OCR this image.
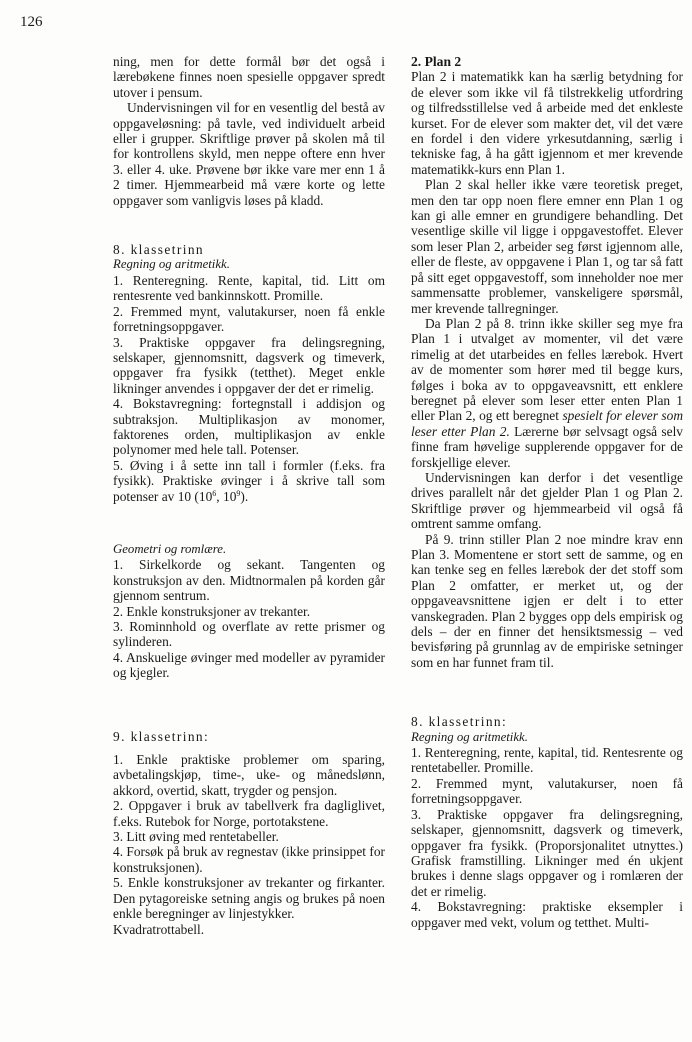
126

ning, men for dette formål bør det også i lærebøkene finnes noen spesielle oppgaver spredt utover i pensum.

Undervisningen vil for en vesentlig del bestå av oppgaveløsning: på tavle, ved individuelt arbeid eller i grupper. Skriftlige prøver på skolen må til for kontrollens skyld, men neppe oftere enn hver 3. eller 4. uke. Prøvene bør ikke vare mer enn 1 å 2 timer. Hjemmearbeid må være korte og lette oppgaver som vanligvis løses på kladd.

8. klassetrinn

Regning og aritmetikk.

1. Renteregning. Rente, kapital, tid. Litt om rentesrente ved bankinnskott. Promille.

2. Fremmed mynt, valutakurser, noen få enkle forretningsoppgaver.

3. Praktiske oppgaver fra delingsregning, selskaper, gjennomsnitt, dagsverk og timeverk, oppgaver fra fysikk (tetthet). Meget enkle likninger anvendes i oppgaver der det er rimelig.

4. Bokstavregning: fortegnstall i addisjon og subtraksjon. Multiplikasjon av monomer, faktorenes orden, multiplikasjon av enkle polynomer med hele tall. Potenser.

5. Øving i å sette inn tall i formler (f.eks. fra fysikk). Praktiske øvinger i å skrive tall som potenser av 10 ($10^6$, $10^9$).

Geometri og romlære.

1. Sirkelkorde og sekant. Tangenten og konstruksjon av den. Midtnormalen på korden går gjennom sentrum.

2. Enkle konstruksjoner av trekanter.

3. Rominnhold og overflate av rette prismer og sylinderen.

4. Anskuelige øvinger med modeller av pyramider og kjegler.

9. klassetrinn:

1. Enkle praktiske problemer om sparing, avbetalingskjøp, time-, uke- og månedslønn, akkord, overtid, skatt, trygder og pensjon.

2. Oppgaver i bruk av tabellverk fra dagliglivet, f.eks. Rutebok for Norge, portotakstene.

3. Litt øving med rentetabeller.

4. Forsøk på bruk av regnestav (ikke prinsippet for konstruksjonen).

5. Enkle konstruksjoner av trekanter og firkanter. Den pytagoreiske setning angis og brukes på noen enkle beregninger av linjestykker.

Kvadratrottabell.

2. Plan 2

Plan 2 i matematikk kan ha særlig betydning for de elever som ikke vil få tilstrekkelig utfordring og tilfredsstillelse ved å arbeide med det enkleste kurset. For de elever som makter det, vil det være en fordel i den videre yrkesutdanning, særlig i tekniske fag, å ha gått igjennom et mer krevende matematikk-kurs enn Plan 1.

Plan 2 skal heller ikke være teoretisk preget, men den tar opp noen flere emner enn Plan 1 og kan gi alle emner en grundigere behandling. Det vesentlige skille vil ligge i oppgavestoffet. Elever som leser Plan 2, arbeider seg først igjennom alle, eller de fleste, av oppgavene i Plan 1, og tar så fatt på sitt eget oppgavestoff, som inneholder noe mer sammensatte problemer, vanskeligere spørsmål, mer krevende tallregninger.

Da Plan 2 på 8. trinn ikke skiller seg mye fra Plan 1 i utvalget av momenter, vil det være rimelig at det utarbeides en felles lærebok. Hvert av de momenter som hører med til begge kurs, følges i boka av to oppgaveavsnitt, ett enklere beregnet på elever som leser etter enten Plan 1 eller Plan 2, og ett beregnet spesielt for elever som leser etter Plan 2. Lærerne bør selvsagt også selv finne fram høvelige supplerende oppgaver for de forskjellige elever.

Undervisningen kan derfor i det vesentlige drives parallelt når det gjelder Plan 1 og Plan 2. Skriftlige prøver og hjemmearbeid vil også få omtrent samme omfang.

På 9. trinn stiller Plan 2 noe mindre krav enn Plan 3. Momentene er stort sett de samme, og en kan tenke seg en felles lærebok der det stoff som Plan 2 omfatter, er merket ut, og der oppgaveavsnittene igjen er delt i to etter vanskegraden. Plan 2 bygges opp dels empirisk og dels – der en finner det hensiktsmessig – ved bevisføring på grunnlag av de empiriske setninger som en har funnet fram til.

8. klassetrinn:

Regning og aritmetikk.

1. Renteregning, rente, kapital, tid. Rentesrente og rentetabeller. Promille.

2. Fremmed mynt, valutakurser, noen få forretningsoppgaver.

3. Praktiske oppgaver fra delingsregning, selskaper, gjennomsnitt, dagsverk og timeverk, oppgaver fra fysikk. (Proporsjonalitet utnyttes.) Grafisk framstilling. Likninger med én ukjent brukes i denne slags oppgaver og i romlæren der det er rimelig.

4. Bokstavregning: praktiske eksempler i oppgaver med vekt, volum og tetthet. Multi-
